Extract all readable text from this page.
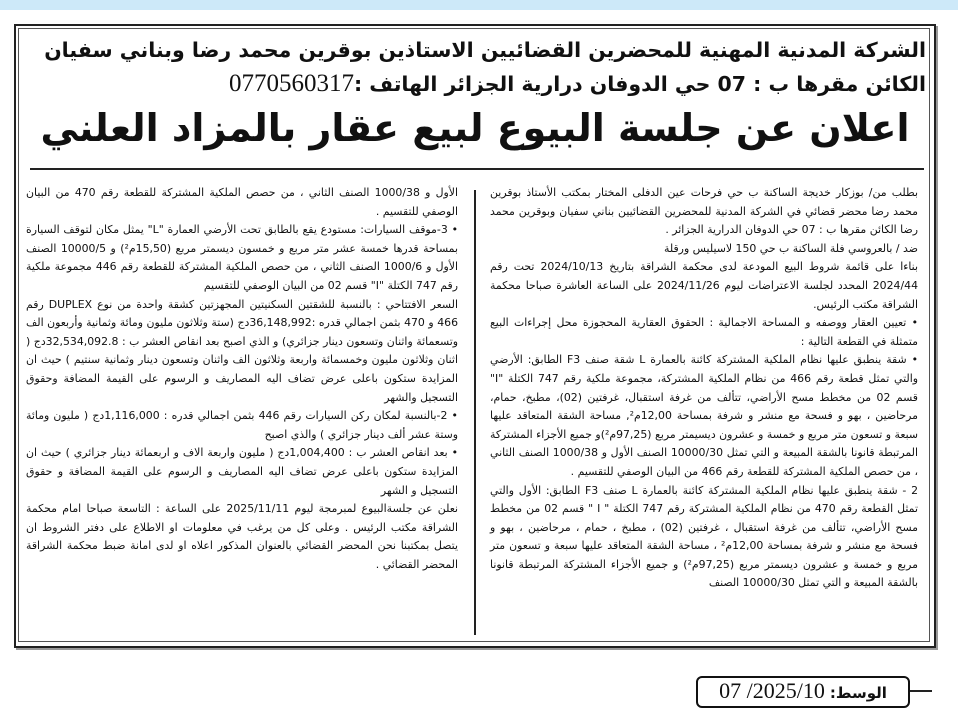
الشركة المدنية المهنية للمحضرين القضائيين الاستاذين بوقرين محمد رضا وبناني سفيان
الكائن مقرها ب : 07 حي الدوفان درارية الجزائر الهاتف :0770560317
اعلان عن جلسة البيوع لبيع عقار بالمزاد العلني

بطلب من/ بوزكار خديجة الساكنة ب حي فرحات عين الدفلى المختار بمكتب الأستاذ بوقرين محمد رضا محضر قضائي في الشركة المدنية للمحضرين القضائيين بناني سفيان وبوقرين محمد رضا الكائن مقرها ب : 07 حي الدوفان الدرارية الجزائر .

ضد / بالعروسي فلة الساكنة ب حي 150 لاسيليس ورقلة

بناءا على قائمة شروط البيع المودعة لدى محكمة الشراقة بتاريخ 2024/10/13 تحت رقم 2024/44 المحدد لجلسة الاعتراضات ليوم 2024/11/26 على الساعة العاشرة صباحا محكمة الشراقة مكتب الرئيس.

• تعيين العقار ووصفه و المساحة الاجمالية : الحقوق العقارية المحجوزة محل إجراءات البيع متمثلة في القطعة التالية :

• شقة ينطبق عليها نظام الملكية المشتركة كائنة بالعمارة L شقة صنف F3 الطابق: الأرضي والتي تمثل قطعة رقم 466 من نظام الملكية المشتركة، مجموعة ملكية رقم 747 الكتلة "I" قسم 02 من مخطط مسح الأراضي، تتألف من غرفة استقبال، غرفتين (02)، مطبخ، حمام، مرحاضين ، بهو و فسحة مع منشر و شرفة بمساحة 12,00م², مساحة الشقة المتعاقد عليها سبعة و تسعون متر مربع و خمسة و عشرون ديسيمتر مربع (97,25م²)و جميع الأجزاء المشتركة المرتبطة قانونا بالشقة المبيعة و التي تمثل 10000/30 الصنف الأول و 1000/38 الصنف الثاني ، من حصص الملكية المشتركة للقطعة رقم 466 من البيان الوصفي للتقسيم .

2 - شقة ينطبق عليها نظام الملكية المشتركة كائنة بالعمارة L صنف F3 الطابق: الأول والتي تمثل القطعة رقم 470 من نظام الملكية المشتركة رقم 747 الكتلة " I " قسم 02 من مخطط مسح الأراضي، تتألف من غرفة استقبال ، غرفتين (02) ، مطبخ ، حمام ، مرحاضين ، بهو و فسحة مع منشر و شرفة بمساحة 12,00م² ، مساحة الشقة المتعاقد عليها سبعة و تسعون متر مربع و خمسة و عشرون ديسمتر مربع (97,25م²) و جميع الأجزاء المشتركة المرتبطة قانونا بالشقة المبيعة و التي تمثل 10000/30 الصنف

الأول و 1000/38 الصنف الثاني ، من حصص الملكية المشتركة للقطعة رقم 470 من البيان الوصفي للتقسيم .

• 3-موقف السيارات: مستودع يقع بالطابق تحت الأرضي العمارة "L" يمثل مكان لتوقف السيارة بمساحة قدرها خمسة عشر متر مربع و خمسون ديسمتر مربع (15,50م²) و 10000/5 الصنف الأول و 1000/6 الصنف الثاني ، من حصص الملكية المشتركة للقطعة رقم 446 مجموعة ملكية رقم 747 الكتلة "I" قسم 02 من البيان الوصفي للتقسيم

السعر الافتتاحي : بالنسبة للشقتين السكنيتين المجهزتين كشقة واحدة من نوع DUPLEX رقم 466 و 470 بثمن اجمالي قدره :36,148,992دج (ستة وثلاثون مليون ومائة وثمانية وأربعون الف وتسعمائة واثنان وتسعون دينار جزائري) و الذي اصبح بعد انقاص العشر ب : 32,534,092.8دج ( اثنان وثلاثون مليون وخمسمائة واربعة وثلاثون الف واثنان وتسعون دينار وثمانية سنتيم ) حيث ان المزايدة ستكون باعلى عرض تضاف اليه المصاريف و الرسوم على القيمة المضافة وحقوق التسجيل والشهر

• 2-بالنسبة لمكان ركن السيارات رقم 446 بثمن اجمالي قدره : 1,116,000دج ( مليون ومائة وستة عشر ألف دينار جزائري ) والذي اصبح

• بعد انقاص العشر ب : 1,004,400دج ( مليون واربعة الاف و اربعمائة دينار جزائري ) حيث ان المزايدة ستكون باعلى عرض تضاف اليه المصاريف و الرسوم على القيمة المضافة و حقوق التسجيل و الشهر

نعلن عن جلسةالبيوع لمبرمجة ليوم 2025/11/11 على الساعة : التاسعة صباحا امام محكمة الشراقة مكتب الرئيس . وعلى كل من يرغب في معلومات او الاطلاع على دفتر الشروط ان يتصل بمكتبنا نحن المحضر القضائي بالعنوان المذكور اعلاه او لدى امانة ضبط محكمة الشراقة المحضر القضائي .

الوسط: 2025/10/ 07
